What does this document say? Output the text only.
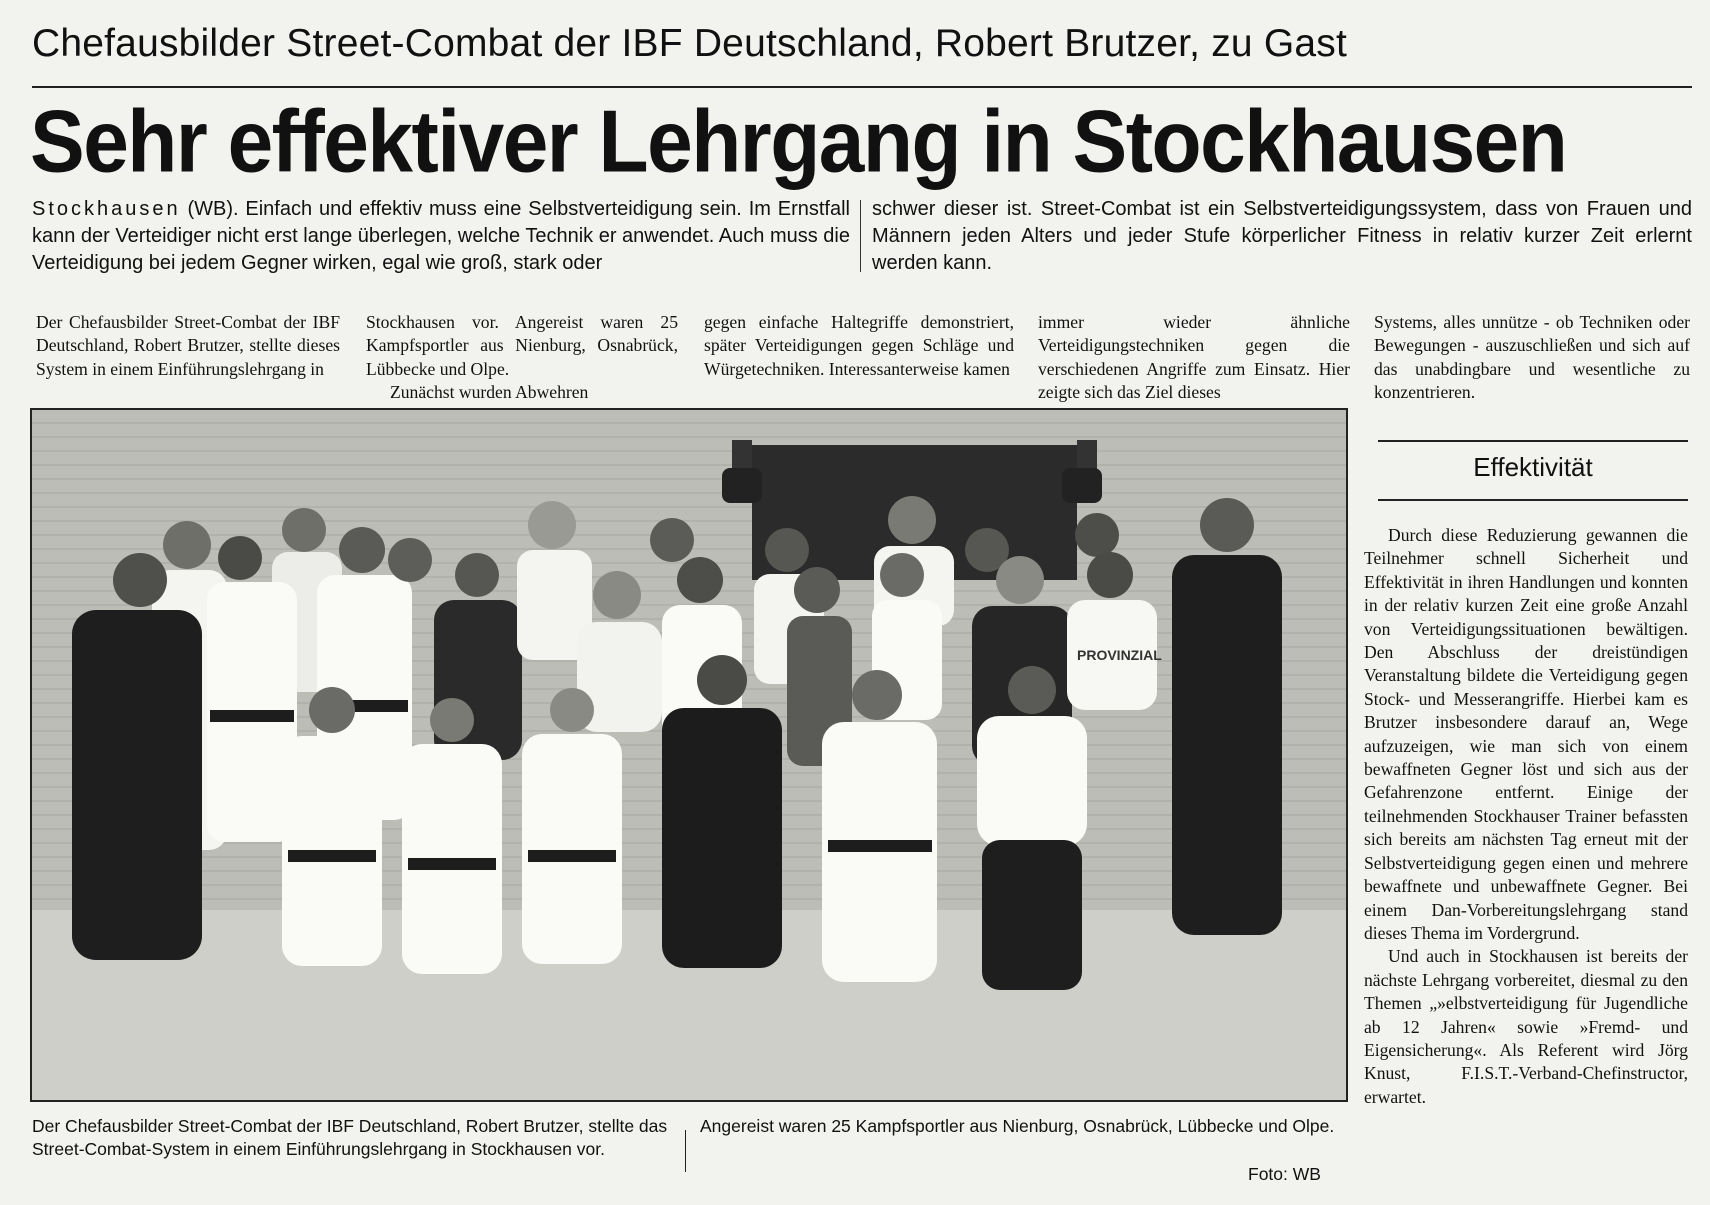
Chefausbilder Street-Combat der IBF Deutschland, Robert Brutzer, zu Gast
Sehr effektiver Lehrgang in Stockhausen
Stockhausen (WB). Einfach und effektiv muss eine Selbstverteidigung sein. Im Ernstfall kann der Verteidiger nicht erst lange überlegen, welche Technik er anwendet. Auch muss die Verteidigung bei jedem Gegner wirken, egal wie groß, stark oder
schwer dieser ist. Street-Combat ist ein Selbstverteidigungssystem, dass von Frauen und Männern jeden Alters und jeder Stufe körperlicher Fitness in relativ kurzer Zeit erlernt werden kann.

Der Chefausbilder Street-Combat der IBF Deutschland, Robert Brutzer, stellte dieses System in einem Einführungslehrgang in

Stockhausen vor. Angereist waren 25 Kampfsportler aus Nienburg, Osnabrück, Lübbecke und Olpe.

Zunächst wurden Abwehren

gegen einfache Haltegriffe demonstriert, später Verteidigungen gegen Schläge und Würgetechniken. Interessanterweise kamen

immer wieder ähnliche Verteidigungstechniken gegen die verschiedenen Angriffe zum Einsatz. Hier zeigte sich das Ziel dieses

Systems, alles unnütze - ob Techniken oder Bewegungen - auszuschließen und sich auf das unabdingbare und wesentliche zu konzentrieren.

Effektivität

Durch diese Reduzierung gewannen die Teilnehmer schnell Sicherheit und Effektivität in ihren Handlungen und konnten in der relativ kurzen Zeit eine große Anzahl von Verteidigungssituationen bewältigen. Den Abschluss der dreistündigen Veranstaltung bildete die Verteidigung gegen Stock- und Messerangriffe. Hierbei kam es Brutzer insbesondere darauf an, Wege aufzuzeigen, wie man sich von einem bewaffneten Gegner löst und sich aus der Gefahrenzone entfernt. Einige der teilnehmenden Stockhauser Trainer befassten sich bereits am nächsten Tag erneut mit der Selbstverteidigung gegen einen und mehrere bewaffnete und unbewaffnete Gegner. Bei einem Dan-Vorbereitungslehrgang stand dieses Thema im Vordergrund.

Und auch in Stockhausen ist bereits der nächste Lehrgang vorbereitet, diesmal zu den Themen „»elbstverteidigung für Jugendliche ab 12 Jahren« sowie »Fremd- und Eigensicherung«. Als Referent wird Jörg Knust, F.I.S.T.-Verband-Chefinstructor, erwartet.

PROVINZIAL
Der Chefausbilder Street-Combat der IBF Deutschland, Robert Brutzer, stellte das Street-Combat-System in einem Einführungslehrgang in Stockhausen vor.
Angereist waren 25 Kampfsportler aus Nienburg, Osnabrück, Lübbecke und Olpe.
Foto: WB
